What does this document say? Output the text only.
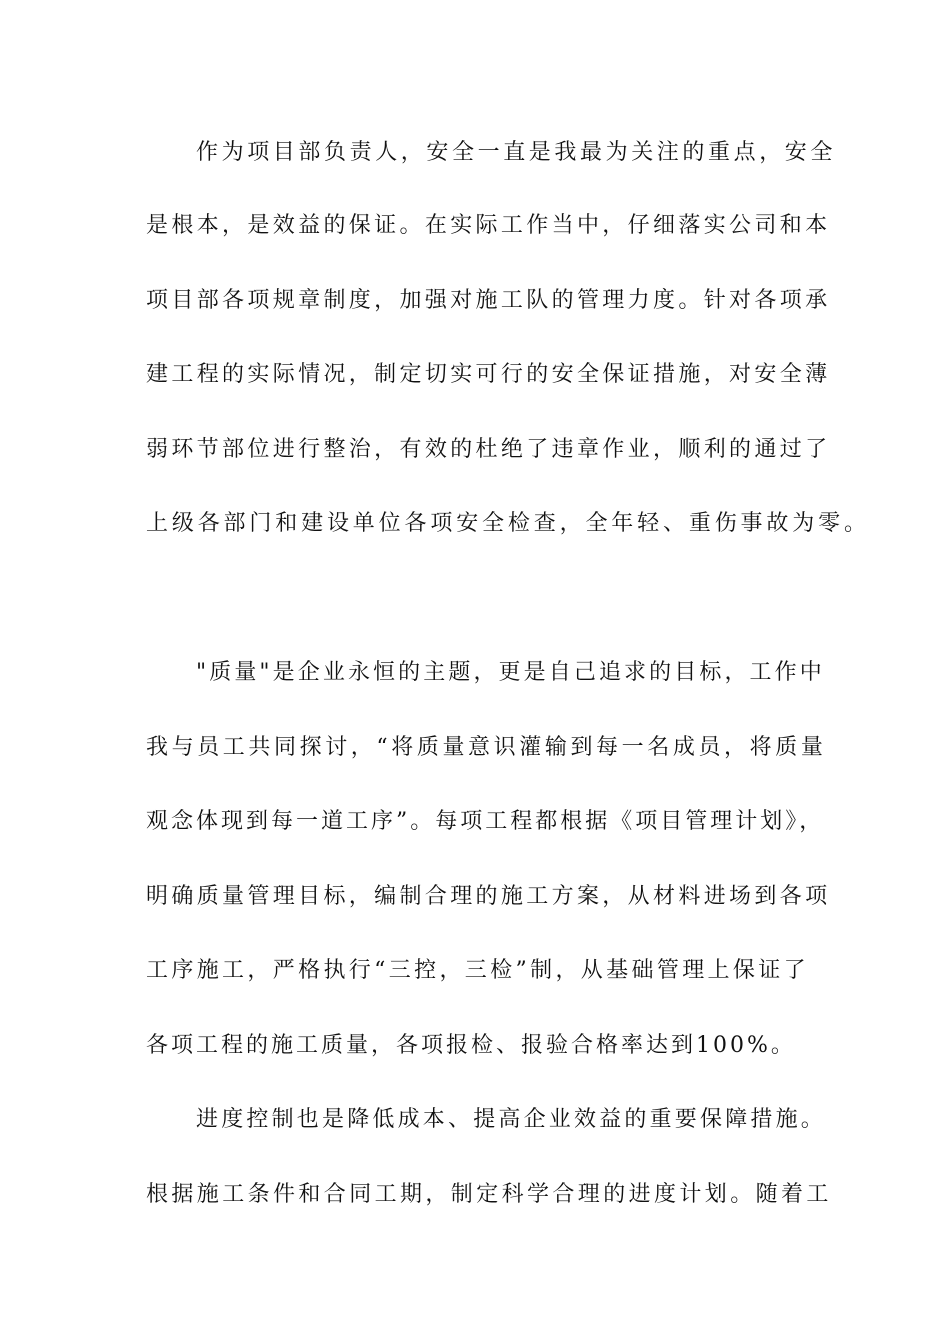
作为项目部负责人，安全一直是我最为关注的重点，安全
是根本，是效益的保证。在实际工作当中，仔细落实公司和本
项目部各项规章制度，加强对施工队的管理力度。针对各项承
建工程的实际情况，制定切实可行的安全保证措施，对安全薄
弱环节部位进行整治，有效的杜绝了违章作业，顺利的通过了
上级各部门和建设单位各项安全检查，全年轻、重伤事故为零。
"质量"是企业永恒的主题，更是自己追求的目标，工作中
我与员工共同探讨，“将质量意识灌输到每一名成员，将质量
观念体现到每一道工序”。每项工程都根据《项目管理计划》，
明确质量管理目标，编制合理的施工方案，从材料进场到各项
工序施工，严格执行“三控，三检”制，从基础管理上保证了
各项工程的施工质量，各项报检、报验合格率达到100%。
进度控制也是降低成本、提高企业效益的重要保障措施。
根据施工条件和合同工期，制定科学合理的进度计划。随着工
